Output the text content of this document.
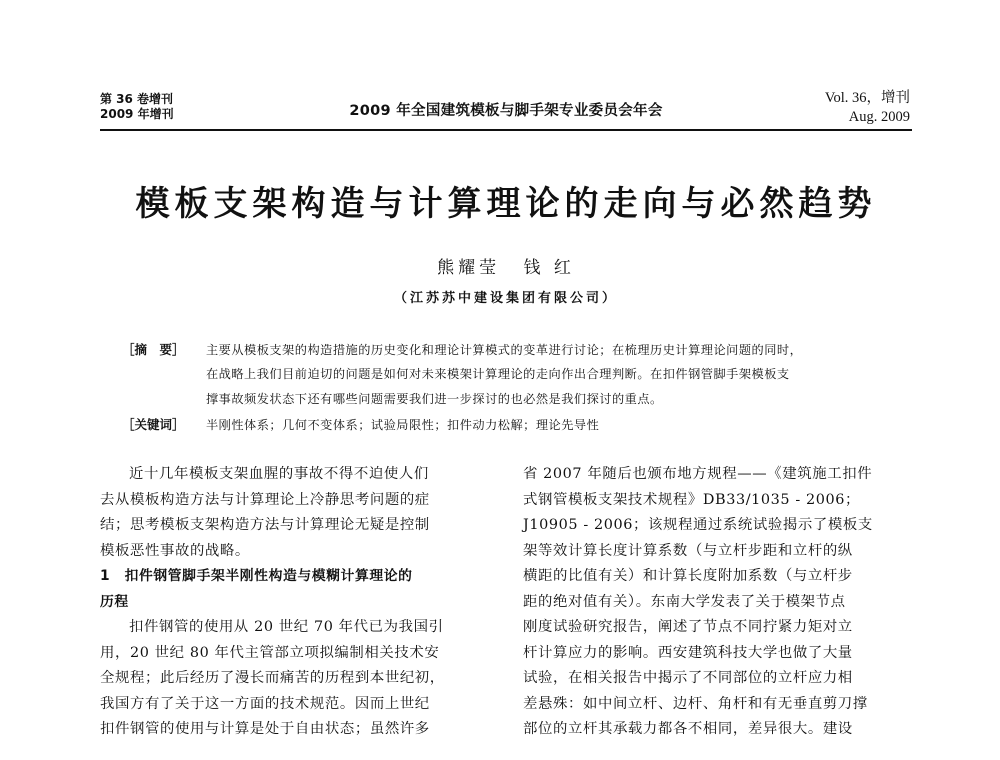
第 36 卷增刊
2009 年增刊	2009 年全国建筑模板与脚手架专业委员会年会
Vol. 36，增刊
Aug. 2009
模板支架构造与计算理论的走向与必然趋势
熊耀莹 钱 红
（江苏苏中建设集团有限公司）
［摘　要］ 主要从模板支架的构造措施的历史变化和理论计算模式的变革进行讨论；在梳理历史计算理论问题的同时，
在战略上我们目前迫切的问题是如何对未来模架计算理论的走向作出合理判断。在扣件钢管脚手架模板支
撑事故频发状态下还有哪些问题需要我们进一步探讨的也必然是我们探讨的重点。
［关键词］ 半刚性体系；几何不变体系；试验局限性；扣件动力松解；理论先导性
近十几年模板支架血腥的事故不得不迫使人们
去从模板构造方法与计算理论上冷静思考问题的症
结；思考模板支架构造方法与计算理论无疑是控制
模板恶性事故的战略。
1　扣件钢管脚手架半刚性构造与模糊计算理论的
历程
扣件钢管的使用从 20 世纪 70 年代已为我国引
用，20 世纪 80 年代主管部立项拟编制相关技术安
全规程；此后经历了漫长而痛苦的历程到本世纪初，
我国方有了关于这一方面的技术规范。因而上世纪
扣件钢管的使用与计算是处于自由状态；虽然许多
省 2007 年随后也颁布地方规程——《建筑施工扣件
式钢管模板支架技术规程》DB33/1035 - 2006；
J10905 - 2006；该规程通过系统试验揭示了模板支
架等效计算长度计算系数（与立杆步距和立杆的纵
横距的比值有关）和计算长度附加系数（与立杆步
距的绝对值有关）。东南大学发表了关于模架节点
刚度试验研究报告，阐述了节点不同拧紧力矩对立
杆计算应力的影响。西安建筑科技大学也做了大量
试验，在相关报告中揭示了不同部位的立杆应力相
差悬殊：如中间立杆、边杆、角杆和有无垂直剪刀撑
部位的立杆其承载力都各不相同，差异很大。建设
